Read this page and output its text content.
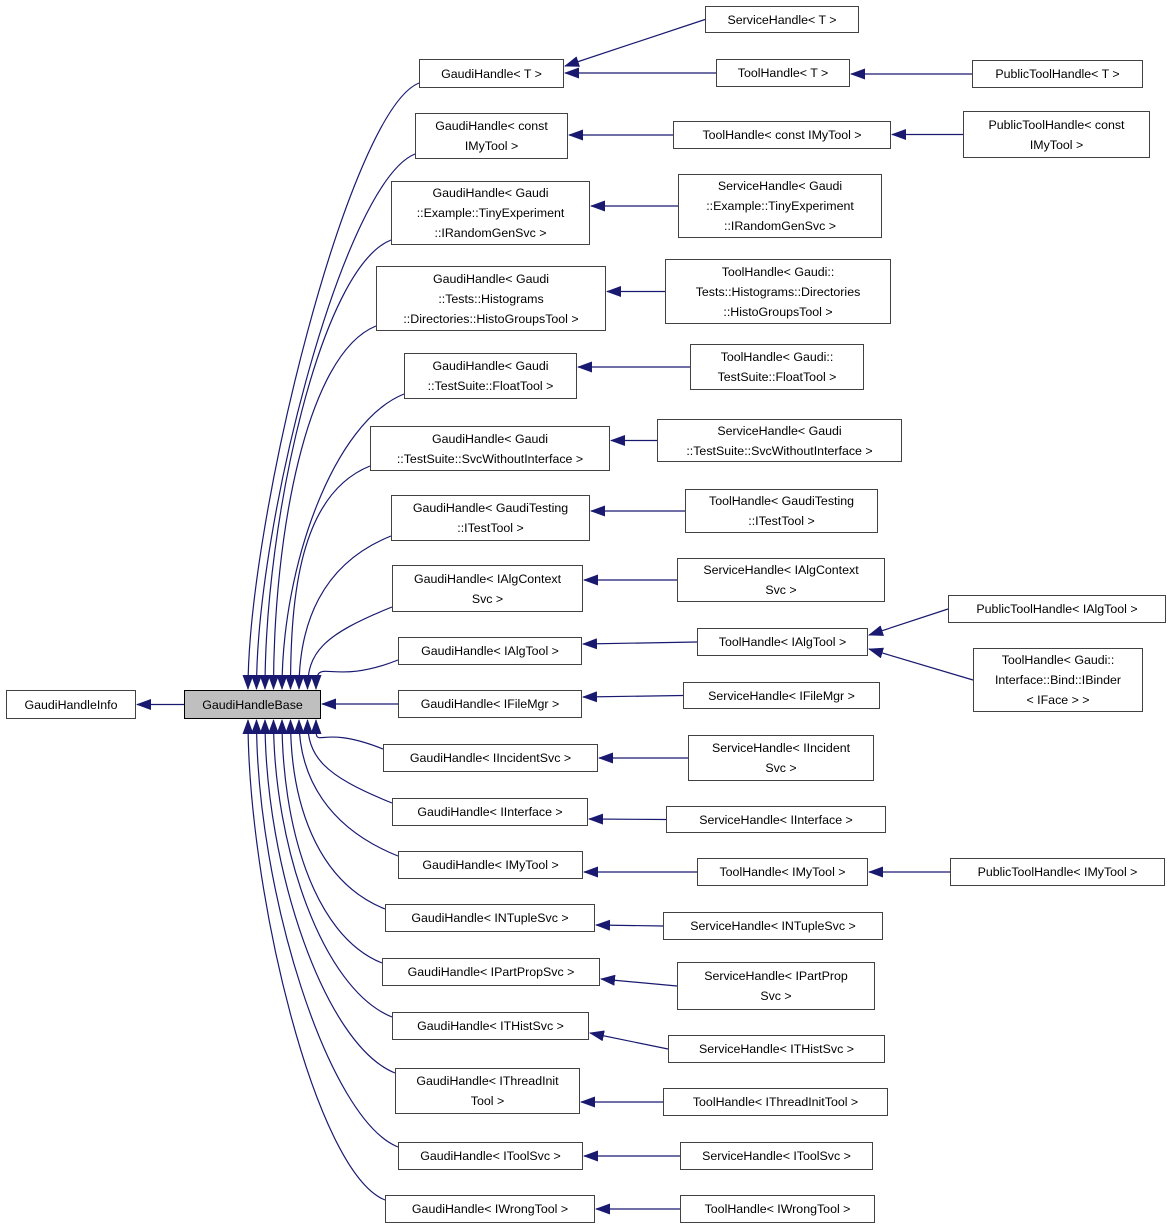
GaudiHandleInfo	GaudiHandleBase
GaudiHandle< T >
GaudiHandle< const
IMyTool >
GaudiHandle< Gaudi
::Example::TinyExperiment
::IRandomGenSvc >
GaudiHandle< Gaudi
::Tests::Histograms
::Directories::HistoGroupsTool >
GaudiHandle< Gaudi
::TestSuite::FloatTool >
GaudiHandle< Gaudi
::TestSuite::SvcWithoutInterface >
GaudiHandle< GaudiTesting
::ITestTool >
GaudiHandle< IAlgContext
Svc >
GaudiHandle< IAlgTool >
GaudiHandle< IFileMgr >
GaudiHandle< IIncidentSvc >
GaudiHandle< IInterface >
GaudiHandle< IMyTool >
GaudiHandle< INTupleSvc >
GaudiHandle< IPartPropSvc >
GaudiHandle< ITHistSvc >
GaudiHandle< IThreadInit
Tool >
GaudiHandle< IToolSvc >
GaudiHandle< IWrongTool >
ServiceHandle< T >
ToolHandle< T >
ToolHandle< const IMyTool >
ServiceHandle< Gaudi
::Example::TinyExperiment
::IRandomGenSvc >
ToolHandle< Gaudi::
Tests::Histograms::Directories
::HistoGroupsTool >
ToolHandle< Gaudi::
TestSuite::FloatTool >
ServiceHandle< Gaudi
::TestSuite::SvcWithoutInterface >
ToolHandle< GaudiTesting
::ITestTool >
ServiceHandle< IAlgContext
Svc >
ToolHandle< IAlgTool >
ServiceHandle< IFileMgr >
ServiceHandle< IIncident
Svc >
ServiceHandle< IInterface >
ToolHandle< IMyTool >
ServiceHandle< INTupleSvc >
ServiceHandle< IPartProp
Svc >
ServiceHandle< ITHistSvc >
ToolHandle< IThreadInitTool >
ServiceHandle< IToolSvc >
ToolHandle< IWrongTool >
PublicToolHandle< T >
PublicToolHandle< const
IMyTool >
PublicToolHandle< IAlgTool >
ToolHandle< Gaudi::
Interface::Bind::IBinder
< IFace > >
PublicToolHandle< IMyTool >
